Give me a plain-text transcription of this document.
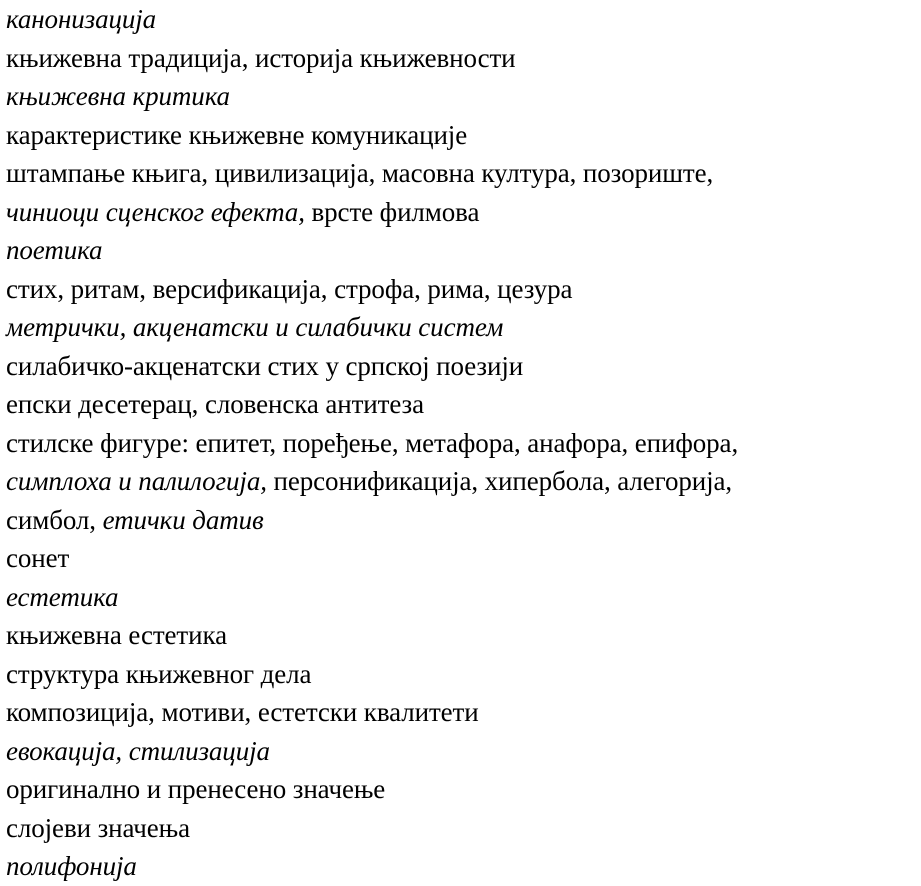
канонизација
књижевна традиција, историја књижевности
књижевна критика
карактеристике књижевне комуникације
штампање књига, цивилизација, масовна култура, позориште,
чиниоци сценског ефекта, врсте филмова
поетика
стих, ритам, версификација, строфа, рима, цезура
метрички, акценатски и силабички систем
силабичко-акценатски стих у српској поезији
епски десетерац, словенска антитеза
стилске фигуре: епитет, поређење, метафора, анафора, епифора,
симплоха и палилогија, персонификација, хипербола, алегорија,
симбол, етички датив
сонет
естетика
књижевна естетика
структура књижевног дела
композиција, мотиви, естетски квалитети
евокација, стилизација
оригинално и пренесено значење
слојеви значења
полифонија
